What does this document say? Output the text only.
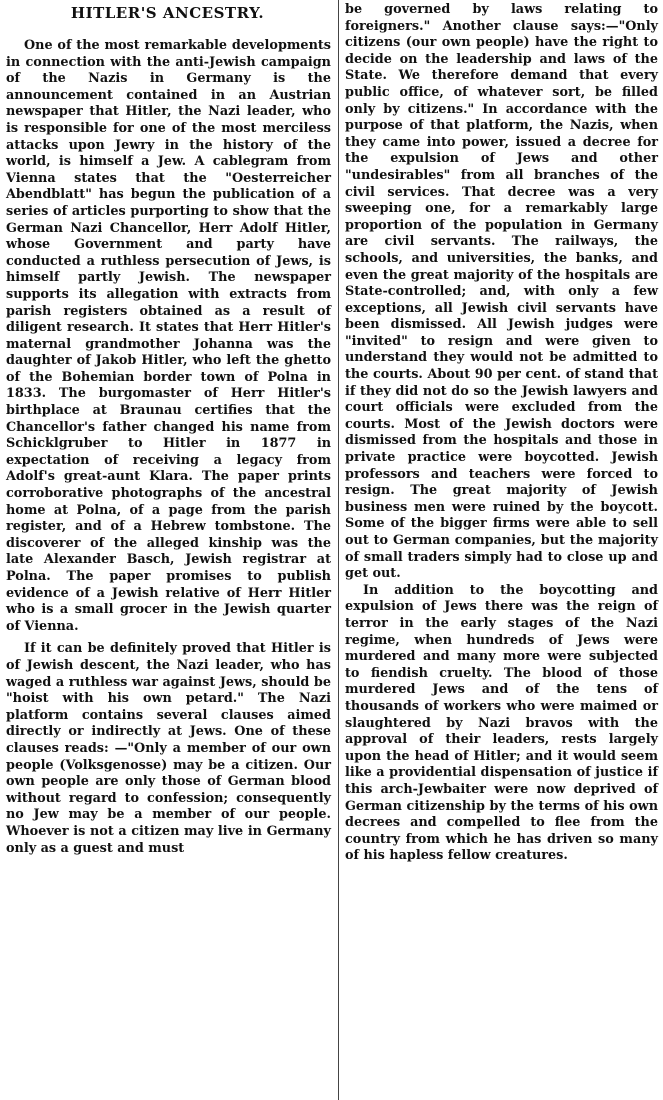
HITLER'S ANCESTRY.

One of the most remarkable developments in connection with the anti-Jewish campaign of the Nazis in Germany is the announcement contained in an Austrian newspaper that Hitler, the Nazi leader, who is responsible for one of the most merciless attacks upon Jewry in the history of the world, is himself a Jew. A cablegram from Vienna states that the "Oesterreicher Abendblatt" has begun the publication of a series of articles purporting to show that the German Nazi Chancellor, Herr Adolf Hitler, whose Government and party have conducted a ruthless persecution of Jews, is himself partly Jewish. The newspaper supports its allegation with extracts from parish registers obtained as a result of diligent research. It states that Herr Hitler's maternal grandmother Johanna was the daughter of Jakob Hitler, who left the ghetto of the Bohemian border town of Polna in 1833. The burgomaster of Herr Hitler's birthplace at Braunau certifies that the Chancellor's father changed his name from Schicklgruber to Hitler in 1877 in expectation of receiving a legacy from Adolf's great-aunt Klara. The paper prints corroborative photographs of the ancestral home at Polna, of a page from the parish register, and of a Hebrew tombstone. The discoverer of the alleged kinship was the late Alexander Basch, Jewish registrar at Polna. The paper promises to publish evidence of a Jewish relative of Herr Hitler who is a small grocer in the Jewish quarter of Vienna.

If it can be definitely proved that Hitler is of Jewish descent, the Nazi leader, who has waged a ruthless war against Jews, should be "hoist with his own petard." The Nazi platform contains several clauses aimed directly or indirectly at Jews. One of these clauses reads: —"Only a member of our own people (Volksgenosse) may be a citizen. Our own people are only those of German blood without regard to confession; consequently no Jew may be a member of our people. Whoever is not a citizen may live in Germany only as a guest and must

be governed by laws relating to foreigners." Another clause says:—"Only citizens (our own people) have the right to decide on the leadership and laws of the State. We therefore demand that every public office, of whatever sort, be filled only by citizens." In accordance with the purpose of that platform, the Nazis, when they came into power, issued a decree for the expulsion of Jews and other "undesirables" from all branches of the civil services. That decree was a very sweeping one, for a remarkably large proportion of the population in Germany are civil servants. The railways, the schools, and universities, the banks, and even the great majority of the hospitals are State-controlled; and, with only a few exceptions, all Jewish civil servants have been dismissed. All Jewish judges were "invited" to resign and were given to understand they would not be admitted to the courts. About 90 per cent. of stand that if they did not do so the Jewish lawyers and court officials were excluded from the courts. Most of the Jewish doctors were dismissed from the hospitals and those in private practice were boycotted. Jewish professors and teachers were forced to resign. The great majority of Jewish business men were ruined by the boycott. Some of the bigger firms were able to sell out to German companies, but the majority of small traders simply had to close up and get out.

In addition to the boycotting and expulsion of Jews there was the reign of terror in the early stages of the Nazi regime, when hundreds of Jews were murdered and many more were subjected to fiendish cruelty. The blood of those murdered Jews and of the tens of thousands of workers who were maimed or slaughtered by Nazi bravos with the approval of their leaders, rests largely upon the head of Hitler; and it would seem like a providential dispensation of justice if this arch-Jewbaiter were now deprived of German citizenship by the terms of his own decrees and compelled to flee from the country from which he has driven so many of his hapless fellow creatures.
